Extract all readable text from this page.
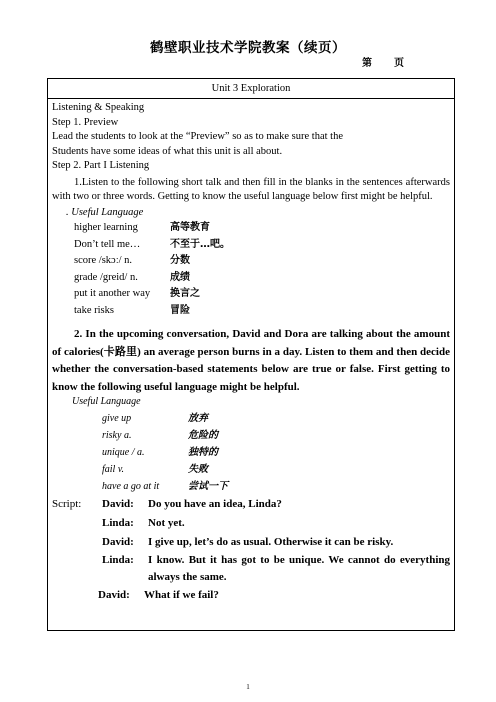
鹤壁职业技术学院教案（续页）
第 页
Unit 3 Exploration
Listening & Speaking
Step 1. Preview
Lead the students to look at the “Preview” so as to make sure that the
Students have some ideas of what this unit is all about.
Step 2. Part I Listening
1.Listen to the following short talk and then fill in the blanks in the sentences afterwards with two or three words. Getting to know the useful language below first might be helpful.
. Useful Language
higher learning	高等教育
Don’t tell me…	不至于…吧。
score /skɔː/ n.	分数
grade /greid/ n.	成绩
put it another way	换言之
take risks	冒险
2. In the upcoming conversation, David and Dora are talking about the amount of calories(卡路里) an average person burns in a day. Listen to them and then decide whether the conversation-based statements below are true or false. First getting to know the following useful language might be helpful.
Useful Language
give up	放弃
risky a.	危险的
unique / a.	独特的
fail v.	失败
have a go at it	尝试一下
Script:	David:	Do you have an idea, Linda?
Linda:	Not yet.
David:	I give up, let’s do as usual. Otherwise it can be risky.
Linda:	I know. But it has got to be unique. We cannot do everything always the same.
David:	What if we fail?
1
